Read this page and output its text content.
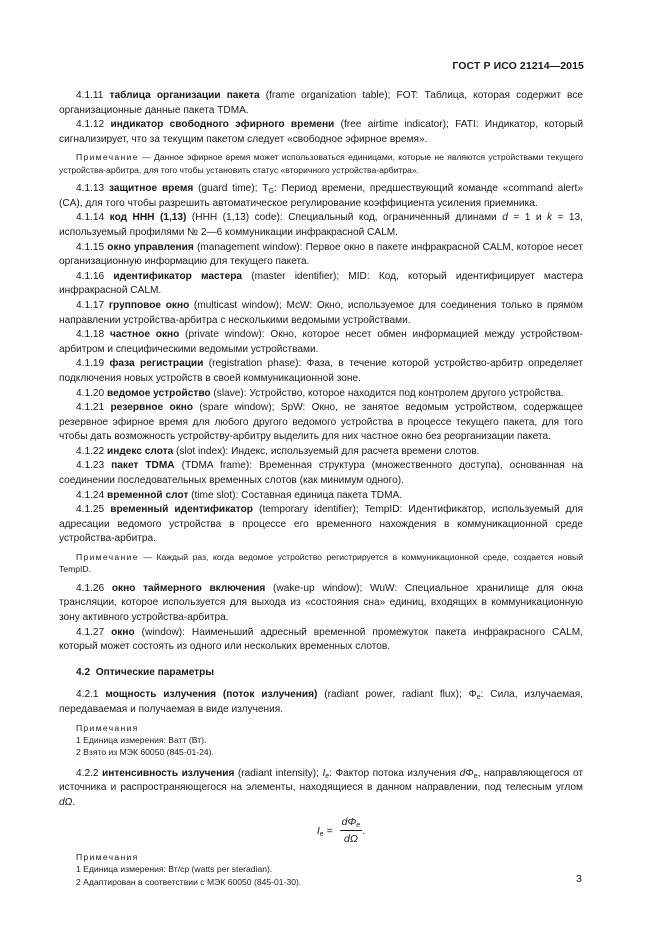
ГОСТ Р ИСО 21214—2015

4.1.11 таблица организации пакета (frame organization table); FOT: Таблица, которая содержит все организационные данные пакета TDMA.

4.1.12 индикатор свободного эфирного времени (free airtime indicator); FATI: Индикатор, который сигнализирует, что за текущим пакетом следует «свободное эфирное время».

Примечание — Данное эфирное время может использоваться единицами, которые не являются устройствами текущего устройства-арбитра, для того чтобы установить статус «вторичного устройства-арбитра».

4.1.13 защитное время (guard time); $T_G$: Период времени, предшествующий команде «command alert» (CA), для того чтобы разрешить автоматическое регулирование коэффициента усиления приемника.

4.1.14 код HHH (1,13) (HHH (1,13) code): Специальный код, ограниченный длинами d = 1 и k = 13, используемый профилями № 2—6 коммуникации инфракрасной CALM.

4.1.15 окно управления (management window): Первое окно в пакете инфракрасной CALM, которое несет организационную информацию для текущего пакета.

4.1.16 идентификатор мастера (master identifier); MID: Код, который идентифицирует мастера инфракрасной CALM.

4.1.17 групповое окно (multicast window); McW: Окно, используемое для соединения только в прямом направлении устройства-арбитра с несколькими ведомыми устройствами.

4.1.18 частное окно (private window): Окно, которое несет обмен информацией между устройством-арбитром и специфическими ведомыми устройствами.

4.1.19 фаза регистрации (registration phase): Фаза, в течение которой устройство-арбитр определяет подключения новых устройств в своей коммуникационной зоне.

4.1.20 ведомое устройство (slave): Устройство, которое находится под контролем другого устройства.

4.1.21 резервное окно (spare window); SpW: Окно, не занятое ведомым устройством, содержащее резервное эфирное время для любого другого ведомого устройства в процессе текущего пакета, для того чтобы дать возможность устройству-арбитру выделить для них частное окно без реорганизации пакета.

4.1.22 индекс слота (slot index): Индекс, используемый для расчета времени слотов.

4.1.23 пакет TDMA (TDMA frame): Временная структура (множественного доступа), основанная на соединении последовательных временных слотов (как минимум одного).

4.1.24 временной слот (time slot): Составная единица пакета TDMA.

4.1.25 временный идентификатор (temporary identifier); TempID: Идентификатор, используемый для адресации ведомого устройства в процессе его временного нахождения в коммуникационной среде устройства-арбитра.

Примечание — Каждый раз, когда ведомое устройство регистрируется в коммуникационной среде, создается новый TempID.

4.1.26 окно таймерного включения (wake-up window); WuW: Специальное хранилище для окна трансляции, которое используется для выхода из «состояния сна» единиц, входящих в коммуникационную зону активного устройства-арбитра.

4.1.27 окно (window): Наименьший адресный временной промежуток пакета инфракрасного CALM, который может состоять из одного или нескольких временных слотов.

4.2 Оптические параметры

4.2.1 мощность излучения (поток излучения) (radiant power, radiant flux); $\Phi_e$: Сила, излучаемая, передаваемая и получаемая в виде излучения.

Примечания
1 Единица измерения: Ватт (Вт).
2 Взято из МЭК 60050 (845-01-24).

4.2.2 интенсивность излучения (radiant intensity); $I_e$: Фактор потока излучения $d\Phi_e$, направляющегося от источника и распространяющегося на элементы, находящиеся в данном направлении, под телесным углом dΩ.

$I_e = \frac{d\Phi_e}{d\Omega}$ .
Примечания
1 Единица измерения: Вт/ср (watts per steradian).
2 Адаптирован в соответствии с МЭК 60050 (845-01-30).	3
